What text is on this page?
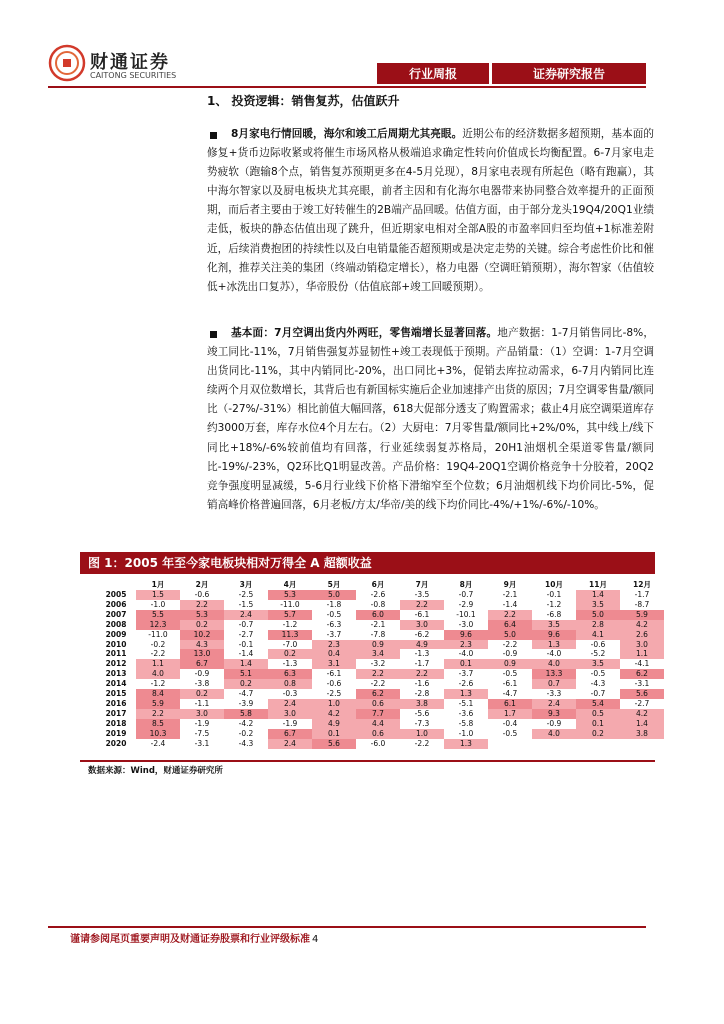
财通证券
CAITONG SECURITIES	行业周报	证券研究报告
1、 投资逻辑：销售复苏，估值跃升
8月家电行情回暖，海尔和竣工后周期尤其亮眼。近期公布的经济数据多超预期，基本面的修复+货币边际收紧或将催生市场风格从极端追求确定性转向价值成长均衡配置。6-7月家电走势疲软（跑输8个点，销售复苏预期更多在4-5月兑现），8月家电表现有所起色（略有跑赢），其中海尔智家以及厨电板块尤其亮眼，前者主因和有化海尔电器带来协同整合效率提升的正面预期，而后者主要由于竣工好转催生的2B端产品回暖。估值方面，由于部分龙头19Q4/20Q1业绩走低，板块的静态估值出现了跳升，但近期家电相对全部A股的市盈率回归至均值+1标准差附近，后续消费抱团的持续性以及白电销量能否超预期或是决定走势的关键。综合考虑性价比和催化剂，推荐关注美的集团（终端动销稳定增长），格力电器（空调旺销预期），海尔智家（估值较低+冰洗出口复苏），华帝股份（估值底部+竣工回暖预期）。
基本面：7月空调出货内外两旺，零售端增长显著回落。地产数据：1-7月销售同比-8%，竣工同比-11%，7月销售强复苏显韧性+竣工表现低于预期。产品销量：（1）空调：1-7月空调出货同比-11%，其中内销同比-20%，出口同比+3%，促销去库拉动需求，6-7月内销同比连续两个月双位数增长，其背后也有新国标实施后企业加速排产出货的原因；7月空调零售量/额同比（-27%/-31%）相比前值大幅回落，618大促部分透支了购置需求；截止4月底空调渠道库存约3000万套，库存水位4个月左右。（2）大厨电：7月零售量/额同比+2%/0%，其中线上/线下同比+18%/-6%较前值均有回落，行业延续弱复苏格局，20H1油烟机全渠道零售量/额同比-19%/-23%，Q2环比Q1明显改善。产品价格：19Q4-20Q1空调价格竞争十分胶着，20Q2竞争强度明显减缓，5-6月行业线下价格下滑缩窄至个位数；6月油烟机线下均价同比-5%，促销高峰价格普遍回落，6月老板/方太/华帝/美的线下均价同比-4%/+1%/-6%/-10%。
图 1：2005 年至今家电板块相对万得全 A 超额收益
	1月	2月	3月	4月	5月	6月	7月	8月	9月	10月	11月	12月
2005	1.5	-0.6	-2.5	5.3	5.0	-2.6	-3.5	-0.7	-2.1	-0.1	1.4	-1.7
2006	-1.0	2.2	-1.5	-11.0	-1.8	-0.8	2.2	-2.9	-1.4	-1.2	3.5	-8.7
2007	5.5	5.3	2.4	5.7	-0.5	6.0	-6.1	-10.1	2.2	-6.8	5.0	5.9
2008	12.3	0.2	-0.7	-1.2	-6.3	-2.1	3.0	-3.0	6.4	3.5	2.8	4.2
2009	-11.0	10.2	-2.7	11.3	-3.7	-7.8	-6.2	9.6	5.0	9.6	4.1	2.6
2010	-0.2	4.3	-0.1	-7.0	2.3	0.9	4.9	2.3	-2.2	1.3	-0.6	3.0
2011	-2.2	13.0	-1.4	0.2	0.4	3.4	-1.3	-4.0	-0.9	-4.0	-5.2	1.1
2012	1.1	6.7	1.4	-1.3	3.1	-3.2	-1.7	0.1	0.9	4.0	3.5	-4.1
2013	4.0	-0.9	5.1	6.3	-6.1	2.2	2.2	-3.7	-0.5	13.3	-0.5	6.2
2014	-1.2	-3.8	0.2	0.8	-0.6	-2.2	-1.6	-2.6	-6.1	0.7	-4.3	-3.1
2015	8.4	0.2	-4.7	-0.3	-2.5	6.2	-2.8	1.3	-4.7	-3.3	-0.7	5.6
2016	5.9	-1.1	-3.9	2.4	1.0	0.6	3.8	-5.1	6.1	2.4	5.4	-2.7
2017	2.2	3.0	5.8	3.0	4.2	7.7	-5.6	-3.6	1.7	9.3	0.5	4.2
2018	8.5	-1.9	-4.2	-1.9	4.9	4.4	-7.3	-5.8	-0.4	-0.9	0.1	1.4
2019	10.3	-7.5	-0.2	6.7	0.1	0.6	1.0	-1.0	-0.5	4.0	0.2	3.8
2020	-2.4	-3.1	-4.3	2.4	5.6	-6.0	-2.2	1.3				
数据来源：Wind，财通证券研究所
谨请参阅尾页重要声明及财通证券股票和行业评级标准 4
